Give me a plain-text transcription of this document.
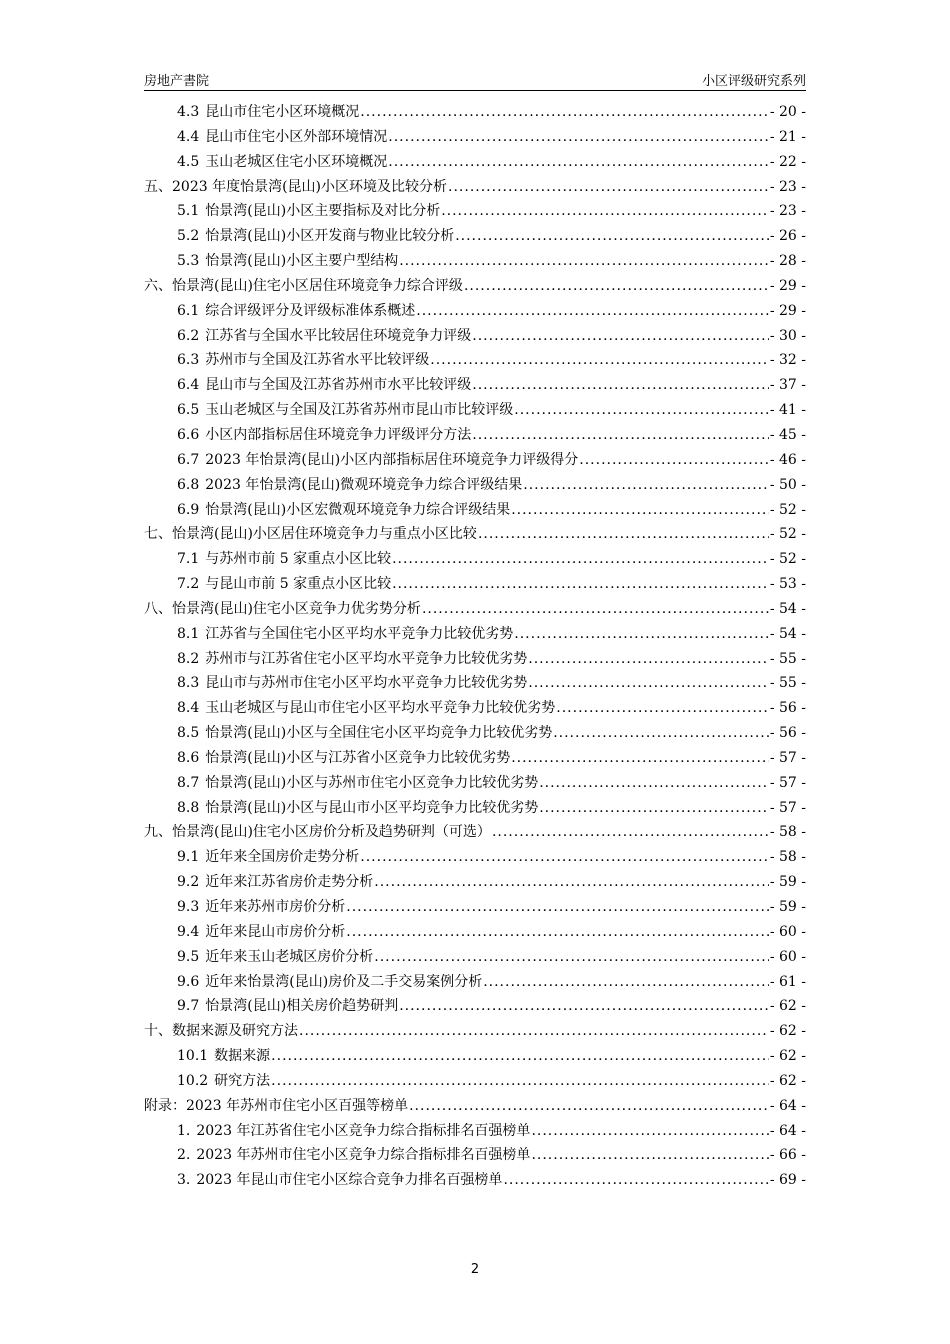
房地产書院	小区评级研究系列
4.3 昆山市住宅小区环境概况 .....	- 20 -
4.4 昆山市住宅小区外部环境情况 .....	- 21 -
4.5 玉山老城区住宅小区环境概况 .....	- 22 -
五、 2023 年度怡景湾(昆山)小区环境及比较分析 .....	- 23 -
5.1 怡景湾(昆山)小区主要指标及对比分析 .....	- 23 -
5.2 怡景湾(昆山)小区开发商与物业比较分析 .....	- 26 -
5.3 怡景湾(昆山)小区主要户型结构 .....	- 28 -
六、 怡景湾(昆山)住宅小区居住环境竞争力综合评级 .....	- 29 -
6.1 综合评级评分及评级标准体系概述 .....	- 29 -
6.2 江苏省与全国水平比较居住环境竞争力评级 .....	- 30 -
6.3 苏州市与全国及江苏省水平比较评级 .....	- 32 -
6.4 昆山市与全国及江苏省苏州市水平比较评级 .....	- 37 -
6.5 玉山老城区与全国及江苏省苏州市昆山市比较评级 .....	- 41 -
6.6 小区内部指标居住环境竞争力评级评分方法 .....	- 45 -
6.7 2023 年怡景湾(昆山)小区内部指标居住环境竞争力评级得分 .....	- 46 -
6.8 2023 年怡景湾(昆山)微观环境竞争力综合评级结果 .....	- 50 -
6.9 怡景湾(昆山)小区宏微观环境竞争力综合评级结果 .....	- 52 -
七、 怡景湾(昆山)小区居住环境竞争力与重点小区比较 .....	- 52 -
7.1 与苏州市前 5 家重点小区比较 .....	- 52 -
7.2 与昆山市前 5 家重点小区比较 .....	- 53 -
八、 怡景湾(昆山)住宅小区竞争力优劣势分析 .....	- 54 -
8.1 江苏省与全国住宅小区平均水平竞争力比较优劣势 .....	- 54 -
8.2 苏州市与江苏省住宅小区平均水平竞争力比较优劣势 .....	- 55 -
8.3 昆山市与苏州市住宅小区平均水平竞争力比较优劣势 .....	- 55 -
8.4 玉山老城区与昆山市住宅小区平均水平竞争力比较优劣势 .....	- 56 -
8.5 怡景湾(昆山)小区与全国住宅小区平均竞争力比较优劣势 .....	- 56 -
8.6 怡景湾(昆山)小区与江苏省小区竞争力比较优劣势 .....	- 57 -
8.7 怡景湾(昆山)小区与苏州市住宅小区竞争力比较优劣势 .....	- 57 -
8.8 怡景湾(昆山)小区与昆山市小区平均竞争力比较优劣势 .....	- 57 -
九、 怡景湾(昆山)住宅小区房价分析及趋势研判（可选） .....	- 58 -
9.1 近年来全国房价走势分析 .....	- 58 -
9.2 近年来江苏省房价走势分析 .....	- 59 -
9.3 近年来苏州市房价分析 .....	- 59 -
9.4 近年来昆山市房价分析 .....	- 60 -
9.5 近年来玉山老城区房价分析 .....	- 60 -
9.6 近年来怡景湾(昆山)房价及二手交易案例分析 .....	- 61 -
9.7 怡景湾(昆山)相关房价趋势研判 .....	- 62 -
十、 数据来源及研究方法 .....	- 62 -
10.1 数据来源 .....	- 62 -
10.2 研究方法 .....	- 62 -
附录： 2023 年苏州市住宅小区百强等榜单 .....	- 64 -
1. 2023 年江苏省住宅小区竞争力综合指标排名百强榜单 .....	- 64 -
2. 2023 年苏州市住宅小区竞争力综合指标排名百强榜单 .....	- 66 -
3. 2023 年昆山市住宅小区综合竞争力排名百强榜单 .....	- 69 -
2
